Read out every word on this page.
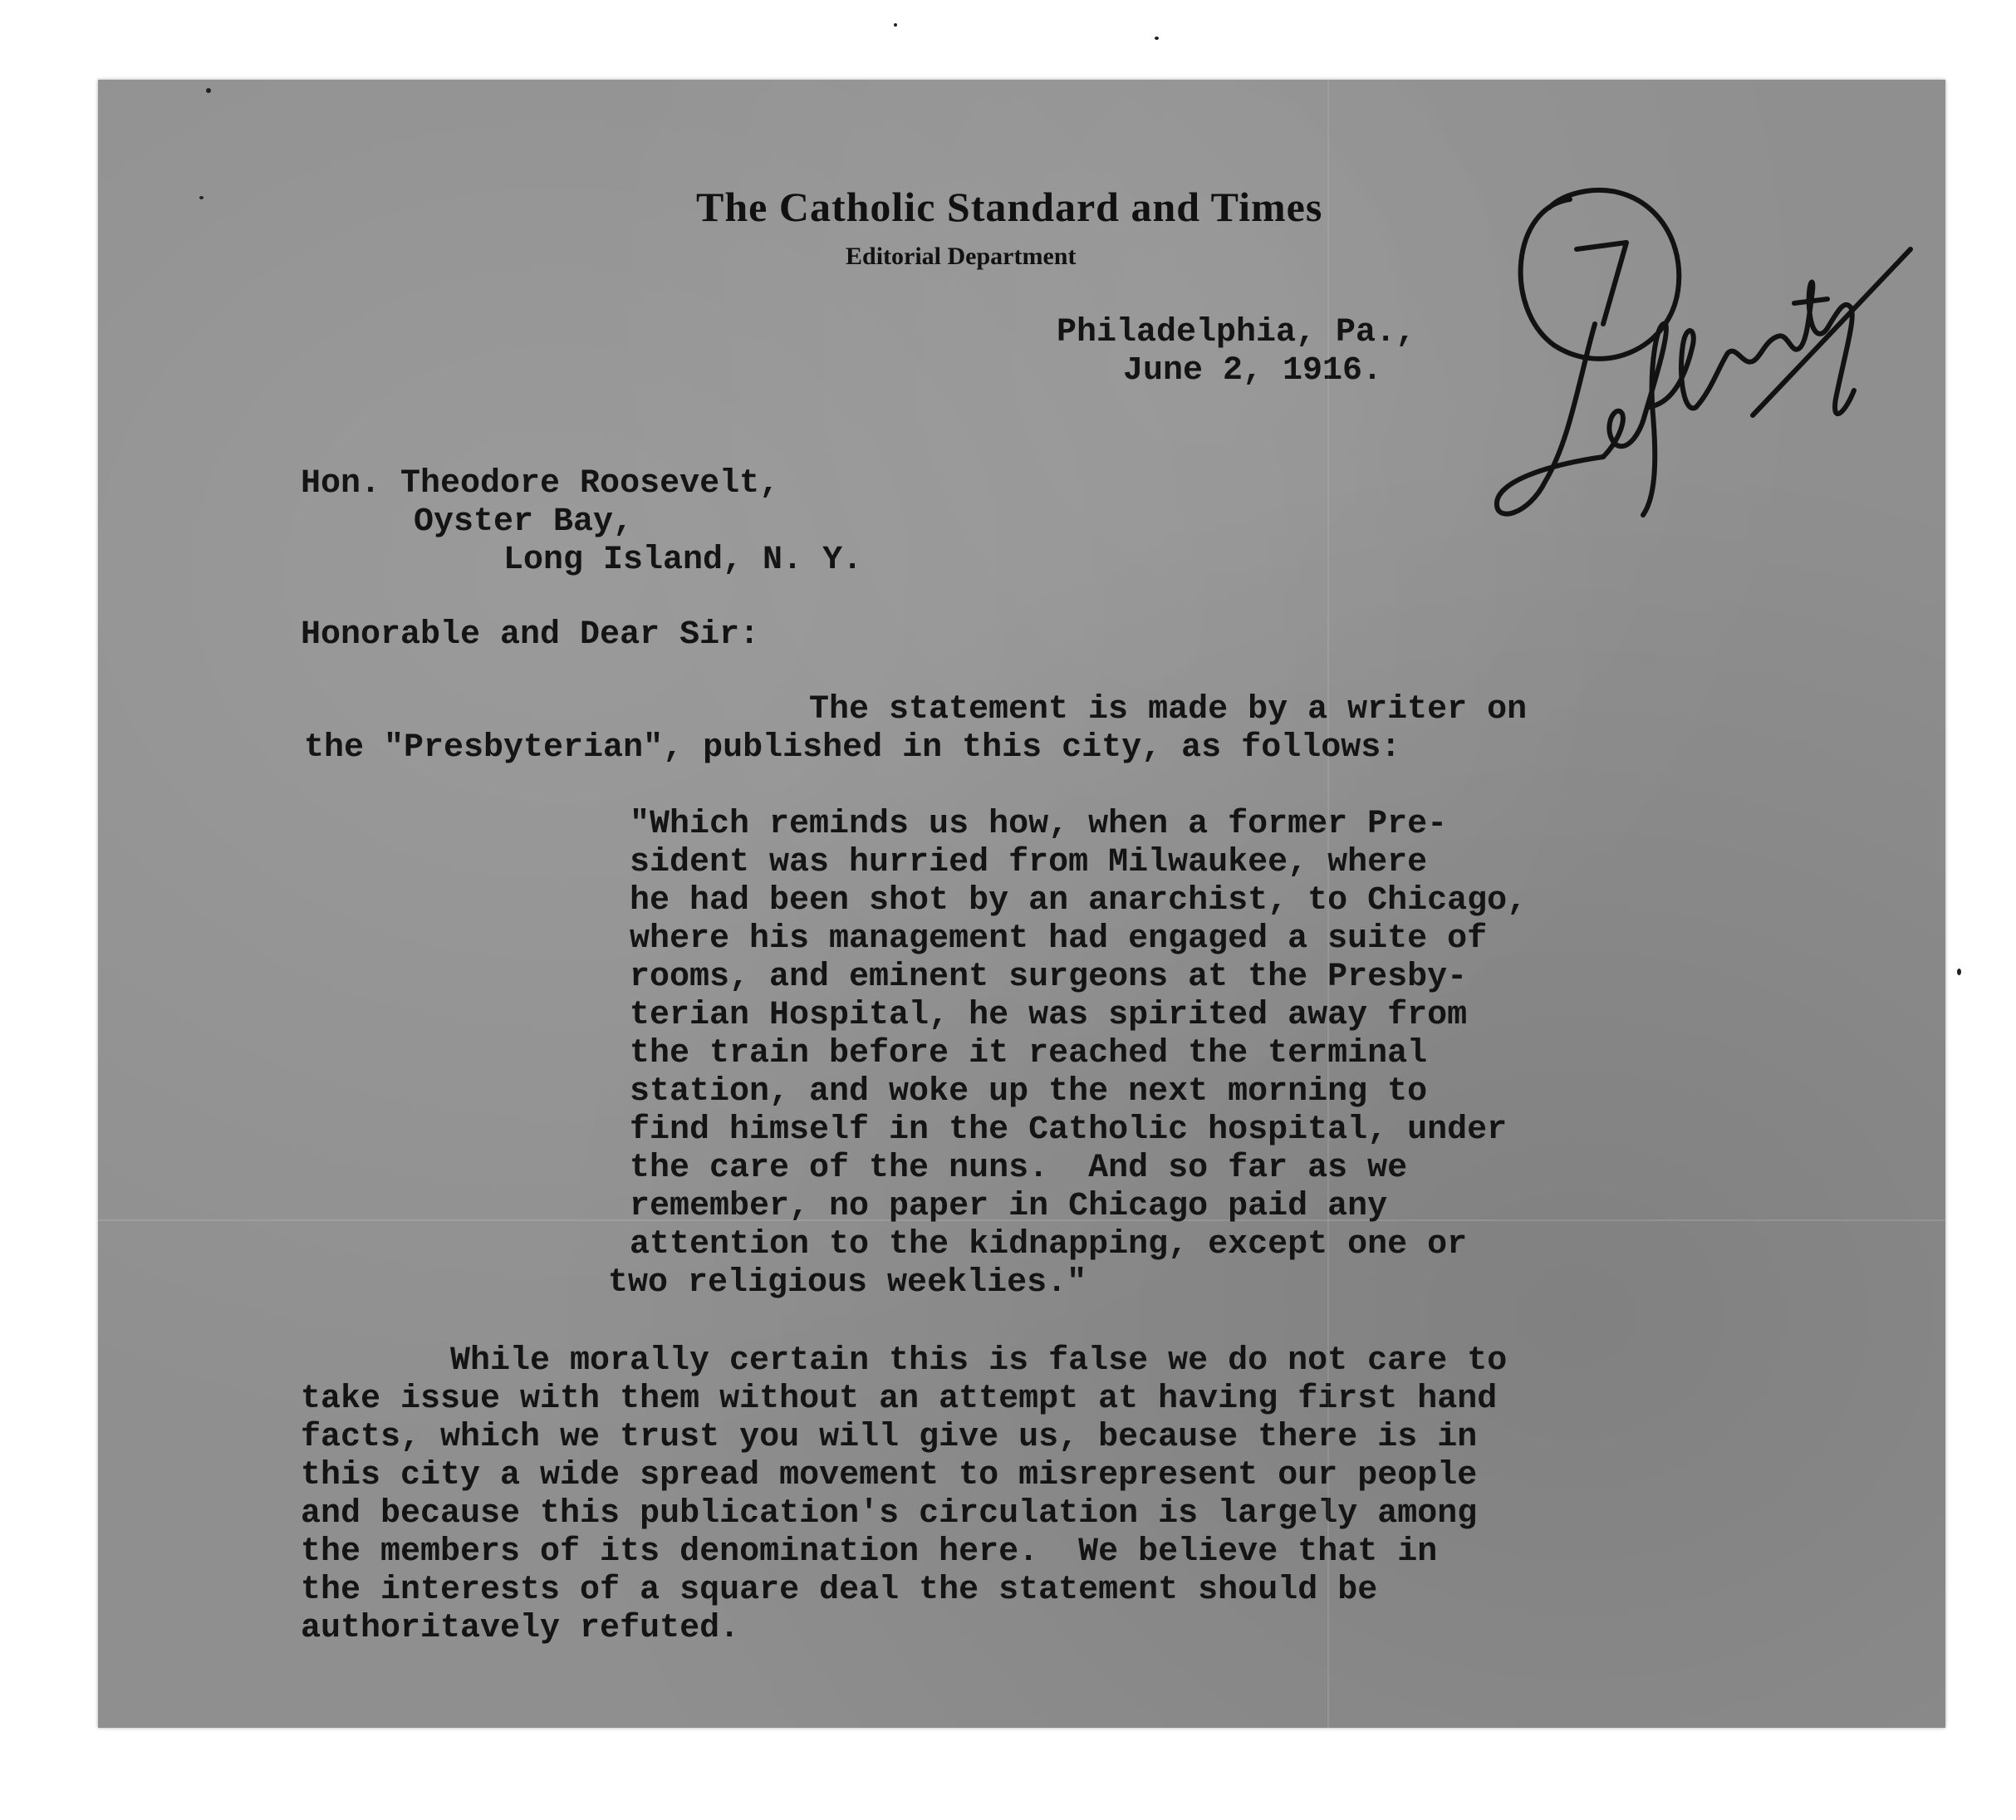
The Catholic Standard and Times
Editorial Department
Philadelphia, Pa.,
June 2, 1916.
Hon. Theodore Roosevelt,
Oyster Bay,
Long Island, N. Y.
Honorable and Dear Sir:
The statement is made by a writer on
the "Presbyterian", published in this city, as follows:
"Which reminds us how, when a former Pre-
sident was hurried from Milwaukee, where
he had been shot by an anarchist, to Chicago,
where his management had engaged a suite of
rooms, and eminent surgeons at the Presby-
terian Hospital, he was spirited away from
the train before it reached the terminal
station, and woke up the next morning to
find himself in the Catholic hospital, under
the care of the nuns.  And so far as we
remember, no paper in Chicago paid any
attention to the kidnapping, except one or
two religious weeklies."
While morally certain this is false we do not care to
take issue with them without an attempt at having first hand
facts, which we trust you will give us, because there is in
this city a wide spread movement to misrepresent our people
and because this publication's circulation is largely among
the members of its denomination here.  We believe that in
the interests of a square deal the statement should be
authoritavely refuted.
